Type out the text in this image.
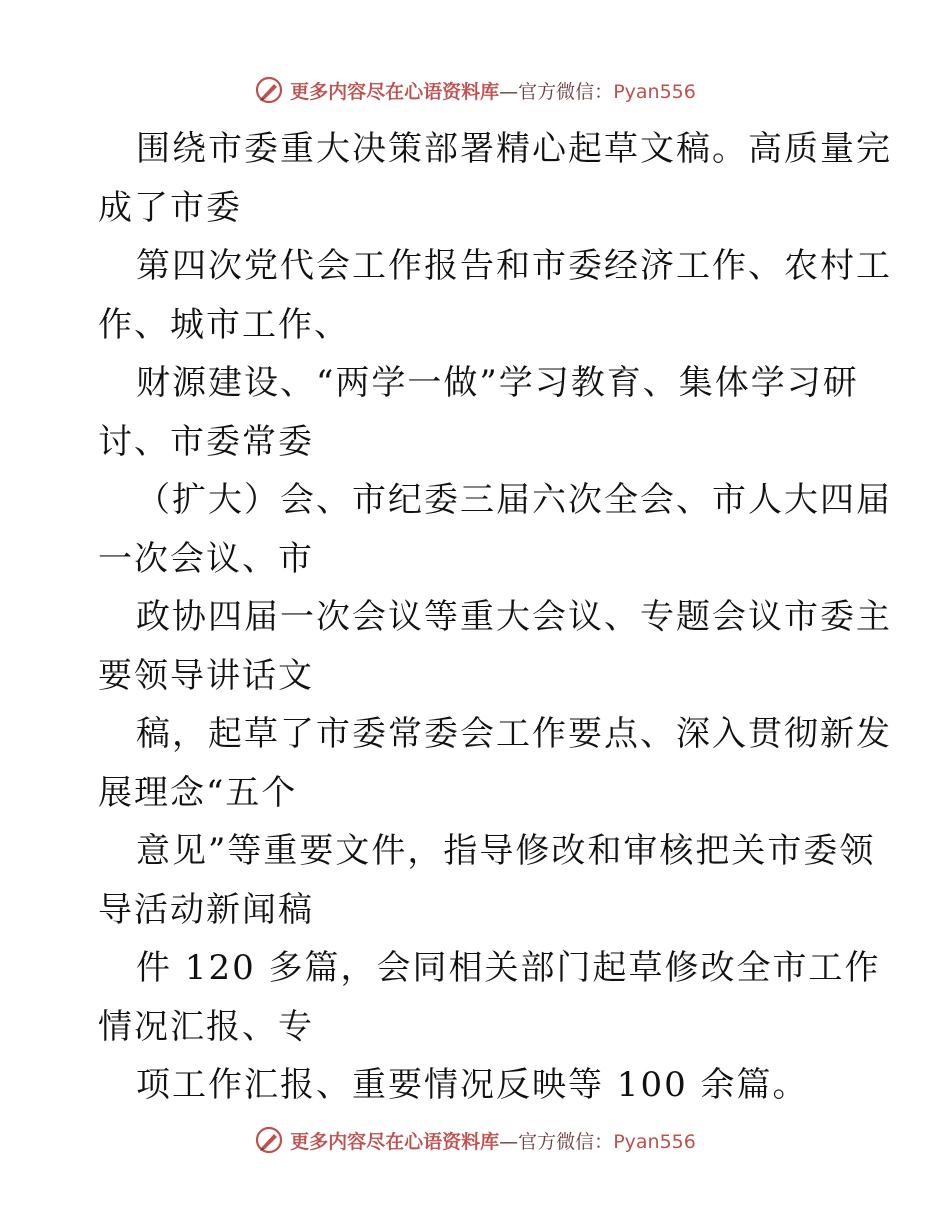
更多内容尽在心语资料库—官方微信：Pyan556
围绕市委重大决策部署精心起草文稿。高质量完
成了市委
第四次党代会工作报告和市委经济工作、农村工
作、城市工作、
财源建设、“两学一做”学习教育、集体学习研
讨、市委常委
（扩大）会、市纪委三届六次全会、市人大四届
一次会议、市
政协四届一次会议等重大会议、专题会议市委主
要领导讲话文
稿，起草了市委常委会工作要点、深入贯彻新发
展理念“五个
意见”等重要文件，指导修改和审核把关市委领
导活动新闻稿
件 120 多篇，会同相关部门起草修改全市工作
情况汇报、专
项工作汇报、重要情况反映等 100 余篇。
更多内容尽在心语资料库—官方微信：Pyan556
